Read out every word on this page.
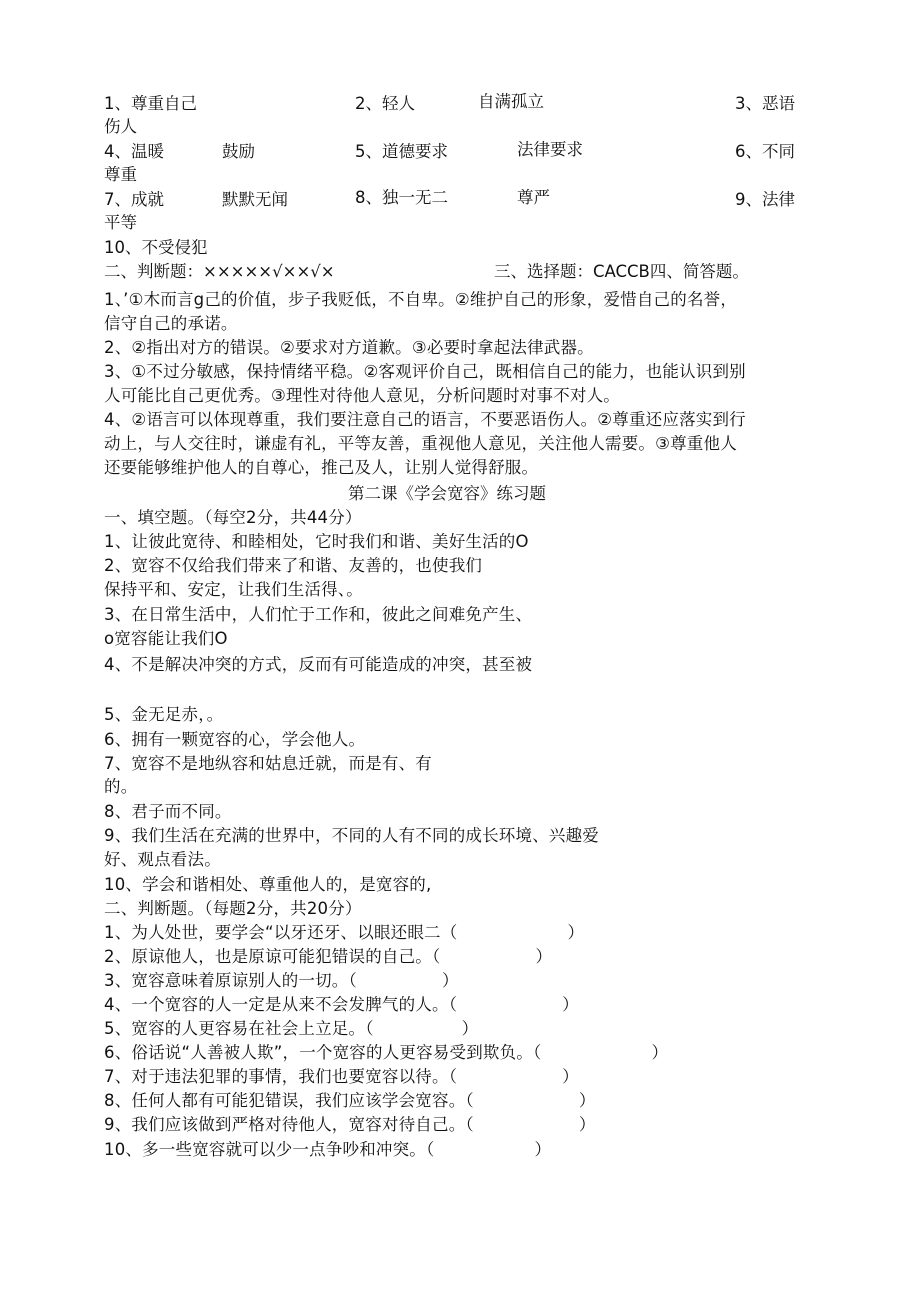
1、尊重自己	2、轻人	自满孤立	3、恶语
伤人
4、温暖	鼓励	5、道德要求	法律要求	6、不同
尊重
7、成就	默默无闻	8、独一无二	尊严	9、法律
平等
10、不受侵犯
二、判断题：×××××√××√×	三、选择题：CACCB四、简答题。
1、’①木而言g己的价值，步子我贬低，不自卑。②维护自己的形象，爱惜自己的名誉，
信守自己的承诺。
2、②指出对方的错误。②要求对方道歉。③必要时拿起法律武器。
3、①不过分敏感，保持情绪平稳。②客观评价自己，既相信自己的能力，也能认识到别
人可能比自己更优秀。③理性对待他人意见，分析问题时对事不对人。
4、②语言可以体现尊重，我们要注意自己的语言，不要恶语伤人。②尊重还应落实到行
动上，与人交往时，谦虚有礼，平等友善，重视他人意见，关注他人需要。③尊重他人
还要能够维护他人的自尊心，推己及人，让别人觉得舒服。
第二课《学会宽容》练习题
一、填空题。（每空2分，共44分）
1、让彼此宽待、和睦相处，它时我们和谐、美好生活的O
2、宽容不仅给我们带来了和谐、友善的，也使我们
保持平和、安定，让我们生活得、。
3、在日常生活中，人们忙于工作和，彼此之间难免产生、
o宽容能让我们O
4、不是解决冲突的方式，反而有可能造成的冲突，甚至被
5、金无足赤，。
6、拥有一颗宽容的心，学会他人。
7、宽容不是地纵容和姑息迁就，而是有、有
的。
8、君子而不同。
9、我们生活在充满的世界中，不同的人有不同的成长环境、兴趣爱
好、观点看法。
10、学会和谐相处、尊重他人的，是宽容的,
二、判断题。（每题2分，共20分）
1、为人处世，要学会“以牙还牙、以眼还眼二（	）
2、原谅他人，也是原谅可能犯错误的自己。（	）
3、宽容意味着原谅别人的一切。（	）
4、一个宽容的人一定是从来不会发脾气的人。（	）
5、宽容的人更容易在社会上立足。（	）
6、俗话说“人善被人欺”，一个宽容的人更容易受到欺负。（	）
7、对于违法犯罪的事情，我们也要宽容以待。（	）
8、任何人都有可能犯错误，我们应该学会宽容。（	）
9、我们应该做到严格对待他人，宽容对待自己。（	）
10、多一些宽容就可以少一点争吵和冲突。（	）
